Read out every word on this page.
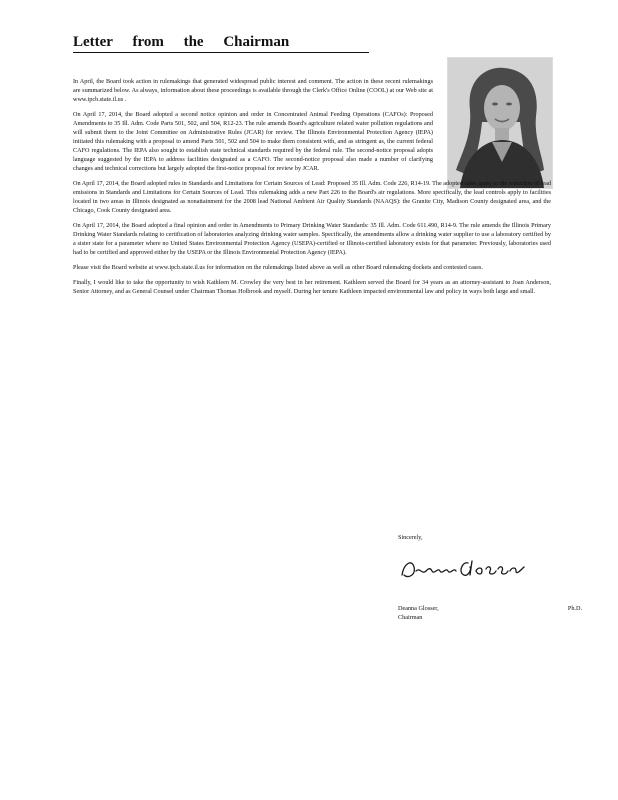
Letter from the Chairman

In April, the Board took action in rulemakings that generated widespread public interest and comment. The action in these recent rulemakings are summarized below. As always, information about these proceedings is available through the Clerk's Office Online (COOL) at our Web site at www.ipcb.state.il.us .

On April 17, 2014, the Board adopted a second notice opinion and order in Concentrated Animal Feeding Operations (CAFOs): Proposed Amendments to 35 Ill. Adm. Code Parts 501, 502, and 504, R12-23. The rule amends Board's agriculture related water pollution regulations and will submit them to the Joint Committee on Administrative Rules (JCAR) for review. The Illinois Environmental Protection Agency (IEPA) initiated this rulemaking with a proposal to amend Parts 501, 502 and 504 to make them consistent with, and as stringent as, the current federal CAFO regulations. The IEPA also sought to establish state technical standards required by the federal rule. The second-notice proposal adopts language suggested by the IEPA to address facilities designated as a CAFO. The second-notice proposal also made a number of clarifying changes and technical corrections but largely adopted the first-notice proposal for review by JCAR.

On April 17, 2014, the Board adopted rules in Standards and Limitations for Certain Sources of Lead: Proposed 35 Ill. Adm. Code 226, R14-19. The adopted rules apply to the reduction of lead emissions in Standards and Limitations for Certain Sources of Lead. This rulemaking adds a new Part 226 to the Board's air regulations. More specifically, the lead controls apply to facilities located in two areas in Illinois designated as nonattainment for the 2008 lead National Ambient Air Quality Standards (NAAQS): the Granite City, Madison County designated area, and the Chicago, Cook County designated area.

On April 17, 2014, the Board adopted a final opinion and order in Amendments to Primary Drinking Water Standards: 35 Ill. Adm. Code 611.490, R14-9. The rule amends the Illinois Primary Drinking Water Standards relating to certification of laboratories analyzing drinking water samples. Specifically, the amendments allow a drinking water supplier to use a laboratory certified by a sister state for a parameter where no United States Environmental Protection Agency (USEPA)-certified or Illinois-certified laboratory exists for that parameter. Previously, laboratories used had to be certified and approved either by the USEPA or the Illinois Environmental Protection Agency (IEPA).

Please visit the Board website at www.ipcb.state.il.us for information on the rulemakings listed above as well as other Board rulemaking dockets and contested cases.

Finally, I would like to take the opportunity to wish Kathleen M. Crowley the very best in her retirement. Kathleen served the Board for 34 years as an attorney-assistant to Joan Anderson, Senior Attorney, and as General Counsel under Chairman Thomas Holbrook and myself. During her tenure Kathleen impacted environmental law and policy in ways both large and small.

Sincerely,
Deanna Glosser,	Ph.D.
Chairman
